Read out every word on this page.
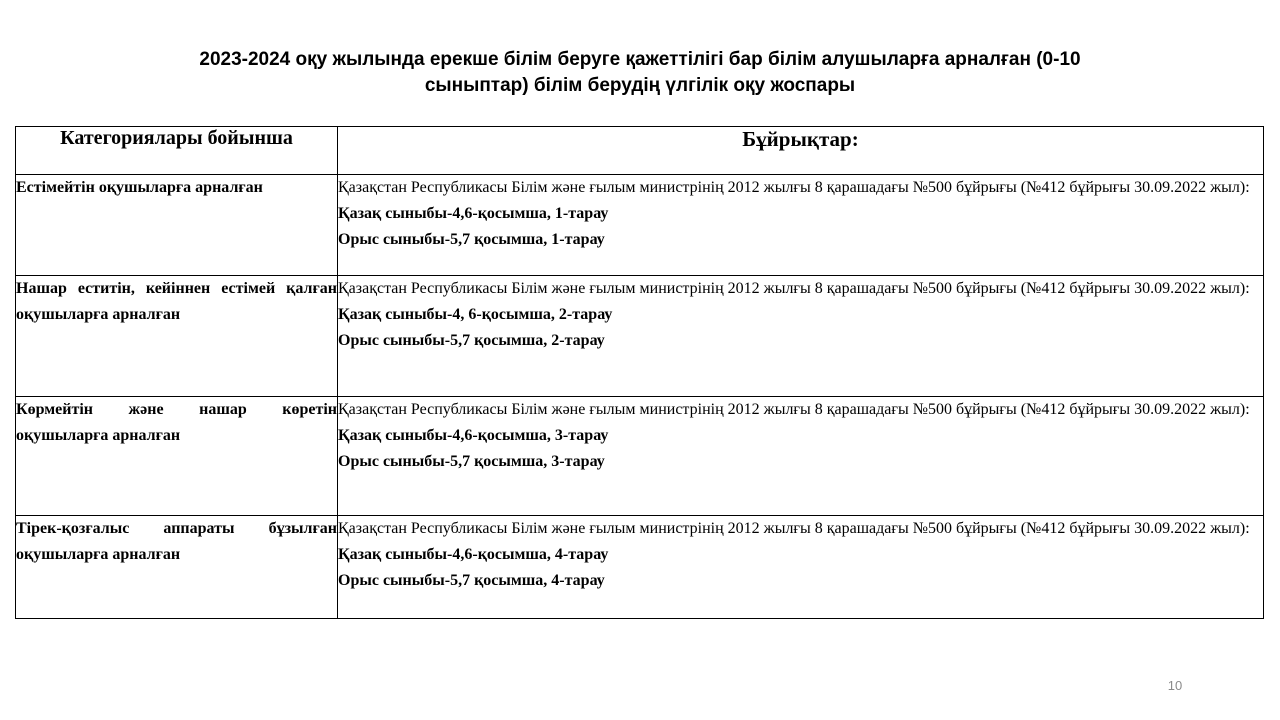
2023-2024 оқу жылында ерекше білім беруге қажеттілігі бар білім алушыларға арналған (0-10
сыныптар) білім берудің үлгілік оқу жоспары
Категориялары бойынша	Бұйрықтар:
Естімейтін оқушыларға арналған	Қазақстан Республикасы Білім және ғылым министрінің 2012 жылғы 8 қарашадағы №500 бұйрығы (№412 бұйрығы 30.09.2022 жыл):
Қазақ сыныбы-4,6-қосымша, 1-тарау
Орыс сыныбы-5,7 қосымша, 1-тарау

Нашар еститін, кейіннен естімей қалған оқушыларға арналған	Қазақстан Республикасы Білім және ғылым министрінің 2012 жылғы 8 қарашадағы №500 бұйрығы (№412 бұйрығы 30.09.2022 жыл):
Қазақ сыныбы-4, 6-қосымша, 2-тарау
Орыс сыныбы-5,7 қосымша, 2-тарау

Көрмейтін және нашар көретін оқушыларға арналған	Қазақстан Республикасы Білім және ғылым министрінің 2012 жылғы 8 қарашадағы №500 бұйрығы (№412 бұйрығы 30.09.2022 жыл):
Қазақ сыныбы-4,6-қосымша, 3-тарау
Орыс сыныбы-5,7 қосымша, 3-тарау

Тірек-қозғалыс аппараты бұзылған оқушыларға арналған	Қазақстан Республикасы Білім және ғылым министрінің 2012 жылғы 8 қарашадағы №500 бұйрығы (№412 бұйрығы 30.09.2022 жыл):
Қазақ сыныбы-4,6-қосымша, 4-тарау
Орыс сыныбы-5,7 қосымша, 4-тарау
10
